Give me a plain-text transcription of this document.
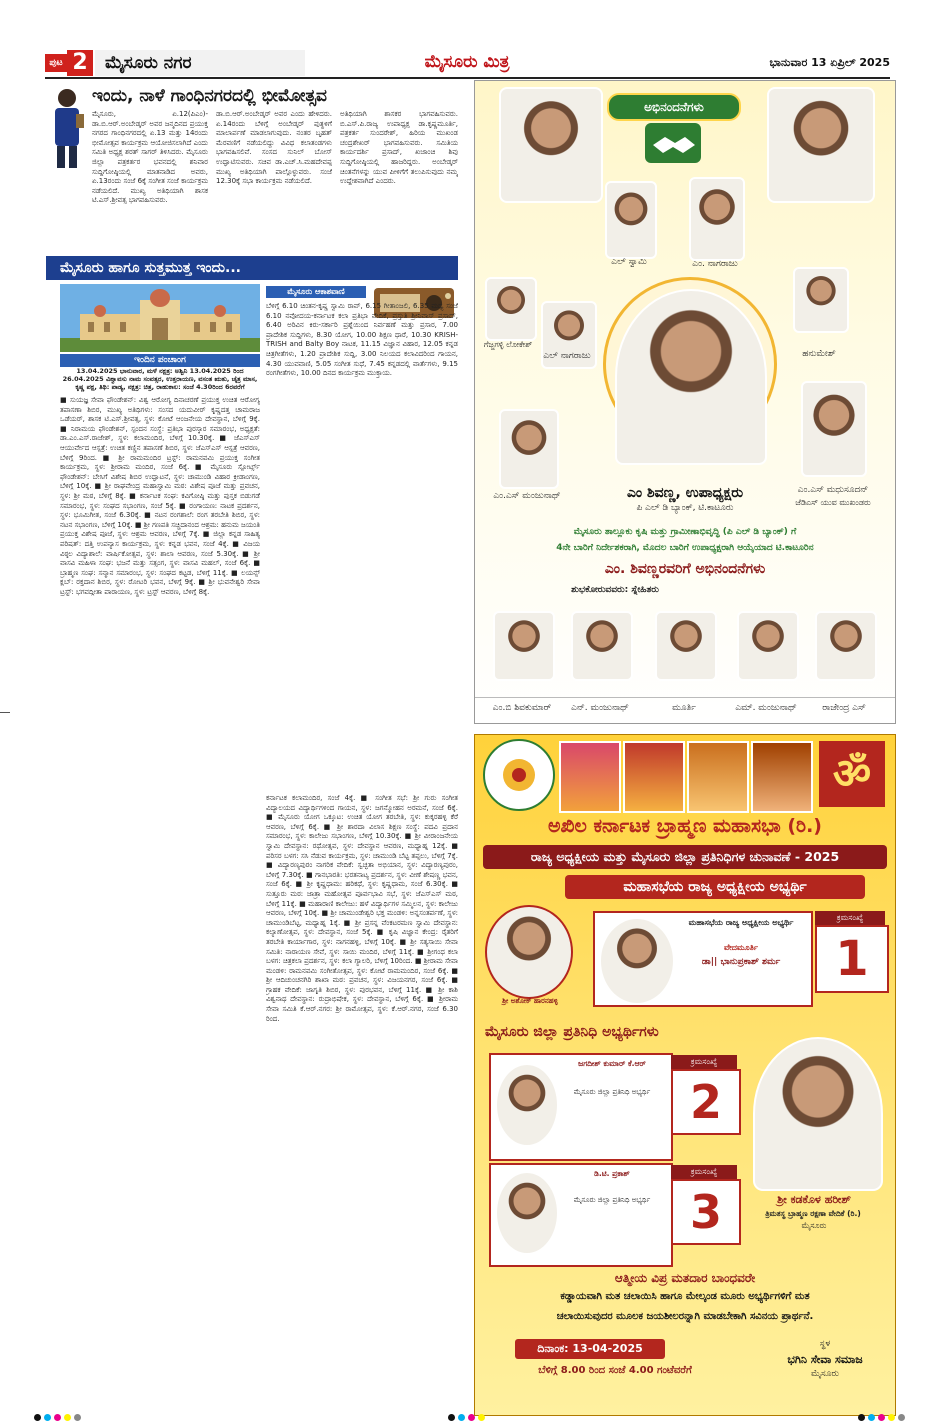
ಪುಟ 2	ಮೈಸೂರು ನಗರ	ಮೈಸೂರು ಮಿತ್ರ	ಭಾನುವಾರ 13 ಏಪ್ರಿಲ್ 2025
ಇಂದು, ನಾಳೆ ಗಾಂಧಿನಗರದಲ್ಲಿ ಭೀಮೋತ್ಸವ
ಮೈಸೂರು, ಏ.12(ಪಿಎಂ)- ಡಾ.ಬಿ.ಆರ್.ಅಂಬೇಡ್ಕರ್ ಅವರ ಜನ್ಮದಿನದ ಪ್ರಯುಕ್ತ ನಗರದ ಗಾಂಧಿನಗರದಲ್ಲಿ ಏ.13 ಮತ್ತು 14ರಂದು ಭೀಮೋತ್ಸವ ಕಾರ್ಯಕ್ರಮ ಆಯೋಜಿಸಲಾಗಿದೆ ಎಂದು ಸಮಿತಿ ಅಧ್ಯಕ್ಷ ಶರತ್ ಸಾಗರ್ ತಿಳಿಸಿದರು. ಮೈಸೂರು ಜಿಲ್ಲಾ ಪತ್ರಕರ್ತರ ಭವನದಲ್ಲಿ ಶನಿವಾರ ಸುದ್ದಿಗೋಷ್ಠಿಯಲ್ಲಿ ಮಾತನಾಡಿದ ಅವರು, ಏ.13ರಂದು ಸಂಜೆ 6ಕ್ಕೆ ಸಂಗೀತ ಸಂಜೆ ಕಾರ್ಯಕ್ರಮ ನಡೆಯಲಿದೆ. ಮುಖ್ಯ ಅತಿಥಿಯಾಗಿ ಶಾಸಕ ಟಿ.ಎಸ್.ಶ್ರೀವತ್ಸ ಭಾಗವಹಿಸುವರು.
ಡಾ.ಬಿ.ಆರ್.ಅಂಬೇಡ್ಕರ್ ಅವರ ಎಂದು ಹೇಳಿದರು. ಏ.14ರಂದು ಬೆಳಿಗ್ಗೆ ಅಂಬೇಡ್ಕರ್ ಪುತ್ಥಳಿಗೆ ಮಾಲಾರ್ಪಣೆ ಮಾಡಲಾಗುವುದು. ನಂತರ ಬೃಹತ್ ಮೆರವಣಿಗೆ ನಡೆಯಲಿದ್ದು ವಿವಿಧ ಕಲಾತಂಡಗಳು ಭಾಗವಹಿಸಲಿವೆ. ಸಂಸದ ಸುನಿಲ್ ಬೋಸ್ ಉದ್ಘಾಟಿಸುವರು. ಸಚಿವ ಡಾ.ಎಚ್.ಸಿ.ಮಹದೇವಪ್ಪ ಮುಖ್ಯ ಅತಿಥಿಯಾಗಿ ಪಾಲ್ಗೊಳ್ಳುವರು. ಸಂಜೆ 12.30ಕ್ಕೆ ಸಭಾ ಕಾರ್ಯಕ್ರಮ ನಡೆಯಲಿದೆ.
ಅತಿಥಿಯಾಗಿ ಶಾಸಕರ ಭಾಗವಹಿಸುವರು. ಬಿ.ಎಸ್.ಪಿ.ರಾಜ್ಯ ಉಪಾಧ್ಯಕ್ಷ ಡಾ.ಕೃಷ್ಣಮೂರ್ತಿ, ಪತ್ರಕರ್ತ ಸುಂದರೇಶ್, ಹಿರಿಯ ಮುಖಂಡ ಚಂದ್ರಶೇಖರ್ ಭಾಗವಹಿಸುವರು. ಸಮಿತಿಯ ಕಾರ್ಯದರ್ಶಿ ಪ್ರಸಾದ್, ಖಜಾಂಚಿ ಶಿವು ಸುದ್ದಿಗೋಷ್ಠಿಯಲ್ಲಿ ಹಾಜರಿದ್ದರು. ಅಂಬೇಡ್ಕರ್ ಚಿಂತನೆಗಳನ್ನು ಯುವ ಪೀಳಿಗೆಗೆ ತಲುಪಿಸುವುದು ನಮ್ಮ ಉದ್ದೇಶವಾಗಿದೆ ಎಂದರು.
ಮೈಸೂರು ಹಾಗೂ ಸುತ್ತಮುತ್ತ ಇಂದು...
ಇಂದಿನ ಪಂಚಾಂಗ
13.04.2025 ಭಾನುವಾರ, ಮಳೆ ನಕ್ಷತ್ರ: ಅಶ್ವಿನಿ 13.04.2025 ರಿಂದ 26.04.2025 ವಿಶ್ವಾವಸು ನಾಮ ಸಂವತ್ಸರ, ಉತ್ತರಾಯಣ, ವಸಂತ ಋತು, ಚೈತ್ರ ಮಾಸ, ಕೃಷ್ಣ ಪಕ್ಷ, ತಿಥಿ: ಪಾಡ್ಯ, ನಕ್ಷತ್ರ: ಚಿತ್ರ, ರಾಹುಕಾಲ: ಸಂಜೆ 4.30ರಿಂದ 6ರವರೆಗೆ
ಮೈಸೂರು ಆಕಾಶವಾಣಿ
ಬೆಳಿಗ್ಗೆ 6.10 ಚಿಂತನ-ಕೃಷ್ಣ ಸ್ವಾಮಿ ರಾವ್, 6.15 ಗೀತಾಂಜಲಿ, 6.35 ಮಧ್ಯ ಸಂಜೆ 6.10 ನವೋದಯ-ಕರ್ನಾಟಕ ಕಲಾ ಪ್ರತಿಭಾ ವೇದಿಕೆ, ಪ್ರಸ್ತುತಿ ಶ್ರೀನಿವಾಸ್ ಪ್ರಸಾದ್, 6.40 ಅರಿವಿನ ಕಿರು-ಸರ್ಕಾರಿ ಪ್ರಶ್ನೆಯಿಂದ ನಿರ್ವಹಣೆ ಮತ್ತು ಪ್ರಸಾರ, 7.00 ಪ್ರಾದೇಶಿಕ ಸುದ್ದಿಗಳು, 8.30 ಯೋಗ, 10.00 ಶಿಕ್ಷಣ ಧಾರೆ, 10.30 KRISH-TRISH and Balty Boy ನಾಟಕ, 11.15 ವಿಜ್ಞಾನ ವಿಹಾರ, 12.05 ಕನ್ನಡ ಚಿತ್ರಗೀತೆಗಳು, 1.20 ಪ್ರಾದೇಶಿಕ ಸುದ್ದಿ, 3.00 ನಿಲಯದ ಕಲಾವಿದರಿಂದ ಗಾಯನ, 4.30 ಯುವವಾಣಿ, 5.05 ಸಂಗೀತ ಸುಧೆ, 7.45 ಕನ್ನಡದಲ್ಲಿ ವಾರ್ತೆಗಳು, 9.15 ರಂಗಗೀತೆಗಳು, 10.00 ದಿನದ ಕಾರ್ಯಕ್ರಮ ಮುಕ್ತಾಯ.
■ ಸುಯಜ್ಞ ಸೇವಾ ಫೌಂಡೇಶನ್: ವಿಶ್ವ ಆರೋಗ್ಯ ದಿನಾಚರಣೆ ಪ್ರಯುಕ್ತ ಉಚಿತ ಆರೋಗ್ಯ ತಪಾಸಣಾ ಶಿಬಿರ, ಮುಖ್ಯ ಅತಿಥಿಗಳು: ಸಂಸದ ಯದುವೀರ್ ಕೃಷ್ಣದತ್ತ ಚಾಮರಾಜ ಒಡೆಯರ್, ಶಾಸಕ ಟಿ.ಎಸ್.ಶ್ರೀವತ್ಸ, ಸ್ಥಳ: ಕೋಟೆ ಆಂಜನೇಯ ದೇವಸ್ಥಾನ, ಬೆಳಿಗ್ಗೆ 9ಕ್ಕೆ. ■ ನಿರಾಮಯ ಫೌಂಡೇಶನ್, ಸ್ಪಂದನ ಸಂಸ್ಥೆ: ಪ್ರತಿಭಾ ಪುರಸ್ಕಾರ ಸಮಾರಂಭ, ಅಧ್ಯಕ್ಷತೆ: ಡಾ.ಎಂ.ಎಸ್.ರಾಜೇಶ್, ಸ್ಥಳ: ಕಲಾಮಂದಿರ, ಬೆಳಿಗ್ಗೆ 10.30ಕ್ಕೆ. ■ ಜೆಎಸ್‌ಎಸ್ ಆಯುರ್ವೇದ ಆಸ್ಪತ್ರೆ: ಉಚಿತ ಕಣ್ಣಿನ ತಪಾಸಣೆ ಶಿಬಿರ, ಸ್ಥಳ: ಜೆಎಸ್‌ಎಸ್ ಆಸ್ಪತ್ರೆ ಆವರಣ, ಬೆಳಿಗ್ಗೆ 9ರಿಂದ. ■ ಶ್ರೀ ರಾಮಮಂದಿರ ಟ್ರಸ್ಟ್: ರಾಮನವಮಿ ಪ್ರಯುಕ್ತ ಸಂಗೀತ ಕಾರ್ಯಕ್ರಮ, ಸ್ಥಳ: ಶ್ರೀರಾಮ ಮಂದಿರ, ಸಂಜೆ 6ಕ್ಕೆ. ■ ಮೈಸೂರು ಸ್ಪೋರ್ಟ್ಸ್ ಫೌಂಡೇಶನ್: ಬೇಸಿಗೆ ವಿಶೇಷ ಶಿಬಿರ ಉದ್ಘಾಟನೆ, ಸ್ಥಳ: ಚಾಮುಂಡಿ ವಿಹಾರ ಕ್ರೀಡಾಂಗಣ, ಬೆಳಿಗ್ಗೆ 10ಕ್ಕೆ. ■ ಶ್ರೀ ರಾಘವೇಂದ್ರ ಮಹಾಸ್ವಾಮಿ ಮಠ: ವಿಶೇಷ ಪೂಜೆ ಮತ್ತು ಪ್ರವಚನ, ಸ್ಥಳ: ಶ್ರೀ ಮಠ, ಬೆಳಿಗ್ಗೆ 8ಕ್ಕೆ. ■ ಕರ್ನಾಟಕ ಸಂಘ: ಕವಿಗೋಷ್ಠಿ ಮತ್ತು ಪುಸ್ತಕ ಬಿಡುಗಡೆ ಸಮಾರಂಭ, ಸ್ಥಳ: ಸಂಘದ ಸಭಾಂಗಣ, ಸಂಜೆ 5ಕ್ಕೆ. ■ ರಂಗಾಯಣ: ನಾಟಕ ಪ್ರದರ್ಶನ, ಸ್ಥಳ: ಭೂಮಿಗೀತ, ಸಂಜೆ 6.30ಕ್ಕೆ. ■ ನಟನ ರಂಗಶಾಲೆ: ರಂಗ ತರಬೇತಿ ಶಿಬಿರ, ಸ್ಥಳ: ನಟನ ಸಭಾಂಗಣ, ಬೆಳಿಗ್ಗೆ 10ಕ್ಕೆ. ■ ಶ್ರೀ ಗಣಪತಿ ಸಚ್ಚಿದಾನಂದ ಆಶ್ರಮ: ಹನುಮ ಜಯಂತಿ ಪ್ರಯುಕ್ತ ವಿಶೇಷ ಪೂಜೆ, ಸ್ಥಳ: ಆಶ್ರಮ ಆವರಣ, ಬೆಳಿಗ್ಗೆ 7ಕ್ಕೆ. ■ ಜಿಲ್ಲಾ ಕನ್ನಡ ಸಾಹಿತ್ಯ ಪರಿಷತ್: ದತ್ತಿ ಉಪನ್ಯಾಸ ಕಾರ್ಯಕ್ರಮ, ಸ್ಥಳ: ಕನ್ನಡ ಭವನ, ಸಂಜೆ 4ಕ್ಕೆ. ■ ವಿಜಯ ವಿಠ್ಠಲ ವಿದ್ಯಾಶಾಲೆ: ವಾರ್ಷಿಕೋತ್ಸವ, ಸ್ಥಳ: ಶಾಲಾ ಆವರಣ, ಸಂಜೆ 5.30ಕ್ಕೆ. ■ ಶ್ರೀ ವಾಸವಿ ಮಹಿಳಾ ಸಂಘ: ಭಜನೆ ಮತ್ತು ಸತ್ಸಂಗ, ಸ್ಥಳ: ವಾಸವಿ ಮಹಲ್, ಸಂಜೆ 6ಕ್ಕೆ. ■ ಬ್ರಾಹ್ಮಣ ಸಂಘ: ಸನ್ಮಾನ ಸಮಾರಂಭ, ಸ್ಥಳ: ಸಂಘದ ಕಟ್ಟಡ, ಬೆಳಿಗ್ಗೆ 11ಕ್ಕೆ. ■ ಲಯನ್ಸ್ ಕ್ಲಬ್: ರಕ್ತದಾನ ಶಿಬಿರ, ಸ್ಥಳ: ರೋಟರಿ ಭವನ, ಬೆಳಿಗ್ಗೆ 9ಕ್ಕೆ. ■ ಶ್ರೀ ಭುವನೇಶ್ವರಿ ಸೇವಾ ಟ್ರಸ್ಟ್: ಭಗವದ್ಗೀತಾ ಪಾರಾಯಣ, ಸ್ಥಳ: ಟ್ರಸ್ಟ್ ಆವರಣ, ಬೆಳಿಗ್ಗೆ 8ಕ್ಕೆ.
ಕರ್ನಾಟಕ ಕಲಾಮಂದಿರ, ಸಂಜೆ 4ಕ್ಕೆ. ■ ಸಂಗೀತ ಸಭೆ: ಶ್ರೀ ಗುರು ಸಂಗೀತ ವಿದ್ಯಾಲಯದ ವಿದ್ಯಾರ್ಥಿಗಳಿಂದ ಗಾಯನ, ಸ್ಥಳ: ಜಗನ್ಮೋಹನ ಅರಮನೆ, ಸಂಜೆ 6ಕ್ಕೆ. ■ ಮೈಸೂರು ಯೋಗ ಒಕ್ಕೂಟ: ಉಚಿತ ಯೋಗ ತರಬೇತಿ, ಸ್ಥಳ: ಕುಕ್ಕರಹಳ್ಳಿ ಕೆರೆ ಆವರಣ, ಬೆಳಿಗ್ಗೆ 6ಕ್ಕೆ. ■ ಶ್ರೀ ಶಾರದಾ ವಿಲಾಸ ಶಿಕ್ಷಣ ಸಂಸ್ಥೆ: ಪದವಿ ಪ್ರದಾನ ಸಮಾರಂಭ, ಸ್ಥಳ: ಕಾಲೇಜು ಸಭಾಂಗಣ, ಬೆಳಿಗ್ಗೆ 10.30ಕ್ಕೆ. ■ ಶ್ರೀ ವೀರಾಂಜನೇಯ ಸ್ವಾಮಿ ದೇವಸ್ಥಾನ: ರಥೋತ್ಸವ, ಸ್ಥಳ: ದೇವಸ್ಥಾನ ಆವರಣ, ಮಧ್ಯಾಹ್ನ 12ಕ್ಕೆ. ■ ಪರಿಸರ ಬಳಗ: ಸಸಿ ನೆಡುವ ಕಾರ್ಯಕ್ರಮ, ಸ್ಥಳ: ಚಾಮುಂಡಿ ಬೆಟ್ಟ ತಪ್ಪಲು, ಬೆಳಿಗ್ಗೆ 7ಕ್ಕೆ. ■ ವಿದ್ಯಾರಣ್ಯಪುರಂ ನಾಗರಿಕ ವೇದಿಕೆ: ಸ್ವಚ್ಛತಾ ಅಭಿಯಾನ, ಸ್ಥಳ: ವಿದ್ಯಾರಣ್ಯಪುರಂ, ಬೆಳಿಗ್ಗೆ 7.30ಕ್ಕೆ. ■ ಗಾನಭಾರತಿ: ಭರತನಾಟ್ಯ ಪ್ರದರ್ಶನ, ಸ್ಥಳ: ವೀಣೆ ಶೇಷಣ್ಣ ಭವನ, ಸಂಜೆ 6ಕ್ಕೆ. ■ ಶ್ರೀ ಕೃಷ್ಣಧಾಮ: ಹರಿಕಥೆ, ಸ್ಥಳ: ಕೃಷ್ಣಧಾಮ, ಸಂಜೆ 6.30ಕ್ಕೆ. ■ ಸುತ್ತೂರು ಮಠ: ಜಾತ್ರಾ ಮಹೋತ್ಸವ ಪೂರ್ವಭಾವಿ ಸಭೆ, ಸ್ಥಳ: ಜೆಎಸ್‌ಎಸ್ ಮಠ, ಬೆಳಿಗ್ಗೆ 11ಕ್ಕೆ. ■ ಮಹಾರಾಣಿ ಕಾಲೇಜು: ಹಳೆ ವಿದ್ಯಾರ್ಥಿಗಳ ಸಮ್ಮಿಲನ, ಸ್ಥಳ: ಕಾಲೇಜು ಆವರಣ, ಬೆಳಿಗ್ಗೆ 10ಕ್ಕೆ. ■ ಶ್ರೀ ಚಾಮುಂಡೇಶ್ವರಿ ಭಕ್ತ ಮಂಡಳಿ: ಅನ್ನಸಂತರ್ಪಣೆ, ಸ್ಥಳ: ಚಾಮುಂಡಿಬೆಟ್ಟ, ಮಧ್ಯಾಹ್ನ 1ಕ್ಕೆ. ■ ಶ್ರೀ ಪ್ರಸನ್ನ ವೆಂಕಟರಮಣ ಸ್ವಾಮಿ ದೇವಸ್ಥಾನ: ಕಲ್ಯಾಣೋತ್ಸವ, ಸ್ಥಳ: ದೇವಸ್ಥಾನ, ಸಂಜೆ 5ಕ್ಕೆ. ■ ಕೃಷಿ ವಿಜ್ಞಾನ ಕೇಂದ್ರ: ರೈತರಿಗೆ ತರಬೇತಿ ಕಾರ್ಯಾಗಾರ, ಸ್ಥಳ: ನಾಗನಹಳ್ಳಿ, ಬೆಳಿಗ್ಗೆ 10ಕ್ಕೆ. ■ ಶ್ರೀ ಸತ್ಯಸಾಯಿ ಸೇವಾ ಸಮಿತಿ: ನಾರಾಯಣ ಸೇವೆ, ಸ್ಥಳ: ಸಾಯಿ ಮಂದಿರ, ಬೆಳಿಗ್ಗೆ 11ಕ್ಕೆ. ■ ಶ್ರೀಗಂಧ ಕಲಾ ಬಳಗ: ಚಿತ್ರಕಲಾ ಪ್ರದರ್ಶನ, ಸ್ಥಳ: ಕಲಾ ಗ್ಯಾಲರಿ, ಬೆಳಿಗ್ಗೆ 10ರಿಂದ. ■ ಶ್ರೀರಾಮ ಸೇವಾ ಮಂಡಳಿ: ರಾಮನವಮಿ ಸಂಗೀತೋತ್ಸವ, ಸ್ಥಳ: ಕೋಟೆ ರಾಮಮಂದಿರ, ಸಂಜೆ 6ಕ್ಕೆ. ■ ಶ್ರೀ ಆದಿಚುಂಚನಗಿರಿ ಶಾಖಾ ಮಠ: ಪ್ರವಚನ, ಸ್ಥಳ: ವಿಜಯನಗರ, ಸಂಜೆ 6ಕ್ಕೆ. ■ ಗ್ರಾಹಕ ವೇದಿಕೆ: ಜಾಗೃತಿ ಶಿಬಿರ, ಸ್ಥಳ: ಪುರಭವನ, ಬೆಳಿಗ್ಗೆ 11ಕ್ಕೆ. ■ ಶ್ರೀ ಕಾಶಿ ವಿಶ್ವನಾಥ ದೇವಸ್ಥಾನ: ರುದ್ರಾಭಿಷೇಕ, ಸ್ಥಳ: ದೇವಸ್ಥಾನ, ಬೆಳಿಗ್ಗೆ 6ಕ್ಕೆ. ■ ಶ್ರೀರಾಮ ಸೇವಾ ಸಮಿತಿ ಕೆ.ಆರ್.ನಗರ: ಶ್ರೀ ರಾಮೋತ್ಸವ, ಸ್ಥಳ: ಕೆ.ಆರ್.ನಗರ, ಸಂಜೆ 6.30 ರಿಂದ.
ಅಭಿನಂದನೆಗಳು
ಎಲ್ ಸ್ವಾಮಿ	ಎಂ. ನಾಗರಾಜು
ಗೆಜ್ಜಗಳ್ಳಿ ಲೋಕೇಶ್
ಎಲ್ ನಾಗರಾಜು	ಹನುಮೇಶ್
ಎಂ.ಎಸ್ ಮಂಜುನಾಥ್
ಎಂ.ಎಸ್ ಮಧುಸೂದನ್
ಜೆಡಿಎಸ್ ಯುವ ಮುಖಂಡರು
ಎಂ ಶಿವಣ್ಣ, ಉಪಾಧ್ಯಕ್ಷರು
ಪಿ ಎಲ್ ಡಿ ಬ್ಯಾಂಕ್, ಟಿ.ಕಾಟೂರು
ಮೈಸೂರು ತಾಲ್ಲೂಕು ಕೃಷಿ ಮತ್ತು ಗ್ರಾಮೀಣಾಭಿವೃದ್ಧಿ (ಪಿ ಎಲ್ ಡಿ ಬ್ಯಾಂಕ್) ಗೆ
4ನೇ ಬಾರಿಗೆ ನಿರ್ದೇಶಕರಾಗಿ, ಮೊದಲ ಬಾರಿಗೆ ಉಪಾಧ್ಯಕ್ಷರಾಗಿ ಆಯ್ಕೆಯಾದ ಟಿ.ಕಾಟೂರಿನ
ಎಂ. ಶಿವಣ್ಣರವರಿಗೆ ಅಭಿನಂದನೆಗಳು
ಶುಭಕೋರುವವರು: ಸ್ನೇಹಿತರು
ಎಂ.ಬಿ ಶಿವಕುಮಾರ್	ಎನ್. ಮಂಜುನಾಥ್	ಮೂರ್ತಿ	ಎಮ್. ಮಂಜುನಾಥ್	ರಾಜೇಂದ್ರ ಎಸ್
ॐ
ಅಖಿಲ ಕರ್ನಾಟಕ ಬ್ರಾಹ್ಮಣ ಮಹಾಸಭಾ (ರಿ.)
ರಾಜ್ಯ ಅಧ್ಯಕ್ಷೀಯ ಮತ್ತು ಮೈಸೂರು ಜಿಲ್ಲಾ ಪ್ರತಿನಿಧಿಗಳ ಚುನಾವಣೆ - 2025
ಮಹಾಸಭೆಯ ರಾಜ್ಯ ಅಧ್ಯಕ್ಷೀಯ ಅಭ್ಯರ್ಥಿ
ಶ್ರೀ ಅಶೋಕ್ ಹಾರನಹಳ್ಳಿ
ಮಹಾಸಭೆಯ ರಾಜ್ಯ ಅಧ್ಯಕ್ಷೀಯ ಅಭ್ಯರ್ಥಿ
ವೇದಮೂರ್ತಿ
ಡಾ|| ಭಾನುಪ್ರಕಾಶ್ ಶರ್ಮ
ಕ್ರಮಸಂಖ್ಯೆ
1
ಮೈಸೂರು ಜಿಲ್ಲಾ ಪ್ರತಿನಿಧಿ ಅಭ್ಯರ್ಥಿಗಳು
ಜಗದೀಶ್ ಕುಮಾರ್ ಕೆ.ಆರ್
ಮೈಸೂರು ಜಿಲ್ಲಾ ಪ್ರತಿನಿಧಿ ಅಭ್ಯರ್ಥಿ
ಕ್ರಮಸಂಖ್ಯೆ
2
ಡಿ.ಟಿ. ಪ್ರಕಾಶ್
ಮೈಸೂರು ಜಿಲ್ಲಾ ಪ್ರತಿನಿಧಿ ಅಭ್ಯರ್ಥಿ
ಕ್ರಮಸಂಖ್ಯೆ
3	ಶ್ರೀ ಕಡಕೊಳ ಹರೀಶ್
ತ್ರಿಮತಸ್ಥ ಬ್ರಾಹ್ಮಣ ರಕ್ಷಣಾ ವೇದಿಕೆ (ರಿ.)
ಮೈಸೂರು
ಆತ್ಮೀಯ ವಿಪ್ರ ಮತದಾರ ಬಾಂಧವರೇ
ಕಡ್ಡಾಯವಾಗಿ ಮತ ಚಲಾಯಿಸಿ ಹಾಗೂ ಮೇಲ್ಕಂಡ ಮೂರು ಅಭ್ಯರ್ಥಿಗಳಿಗೆ ಮತ
ಚಲಾಯಿಸುವುದರ ಮೂಲಕ ಜಯಶೀಲರನ್ನಾಗಿ ಮಾಡಬೇಕಾಗಿ ಸವಿನಯ ಪ್ರಾರ್ಥನೆ.
ದಿನಾಂಕ: 13-04-2025
ಬೆಳಿಗ್ಗೆ 8.00 ರಿಂದ ಸಂಜೆ 4.00 ಗಂಟೆವರೆಗೆ
ಸ್ಥಳ
ಭಗಿನಿ ಸೇವಾ ಸಮಾಜ
ಮೈಸೂರು
